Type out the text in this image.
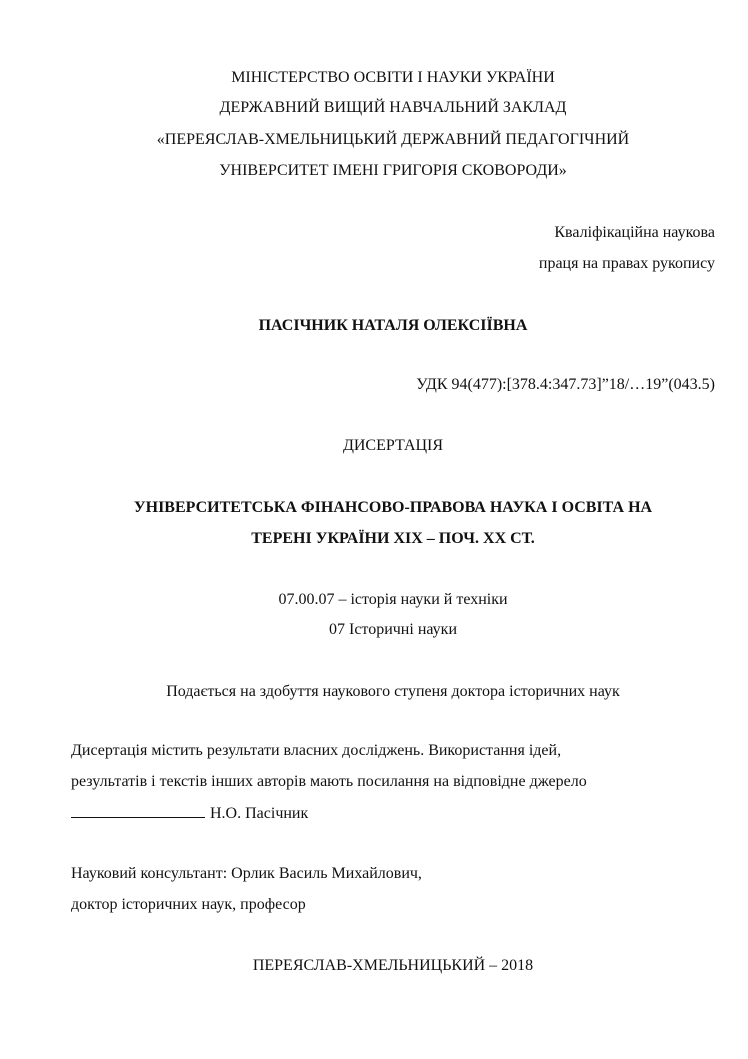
МІНІСТЕРСТВО ОСВІТИ І НАУКИ УКРАЇНИ
ДЕРЖАВНИЙ ВИЩИЙ НАВЧАЛЬНИЙ ЗАКЛАД
«ПЕРЕЯСЛАВ-ХМЕЛЬНИЦЬКИЙ ДЕРЖАВНИЙ ПЕДАГОГІЧНИЙ
УНІВЕРСИТЕТ ІМЕНІ ГРИГОРІЯ СКОВОРОДИ»
Кваліфікаційна наукова
праця на правах рукопису
ПАСІЧНИК НАТАЛЯ ОЛЕКСІЇВНА
УДК 94(477):[378.4:347.73]”18/…19”(043.5)
ДИСЕРТАЦІЯ
УНІВЕРСИТЕТСЬКА ФІНАНСОВО-ПРАВОВА НАУКА І ОСВІТА НА
ТЕРЕНІ УКРАЇНИ ХІХ – ПОЧ. ХХ СТ.
07.00.07 – історія науки й техніки
07 Історичні науки
Подається на здобуття наукового ступеня доктора історичних наук
Дисертація містить результати власних досліджень. Використання ідей,
результатів і текстів інших авторів мають посилання на відповідне джерело
Н.О. Пасічник
Науковий консультант: Орлик Василь Михайлович,
доктор історичних наук, професор
ПЕРЕЯСЛАВ-ХМЕЛЬНИЦЬКИЙ – 2018
